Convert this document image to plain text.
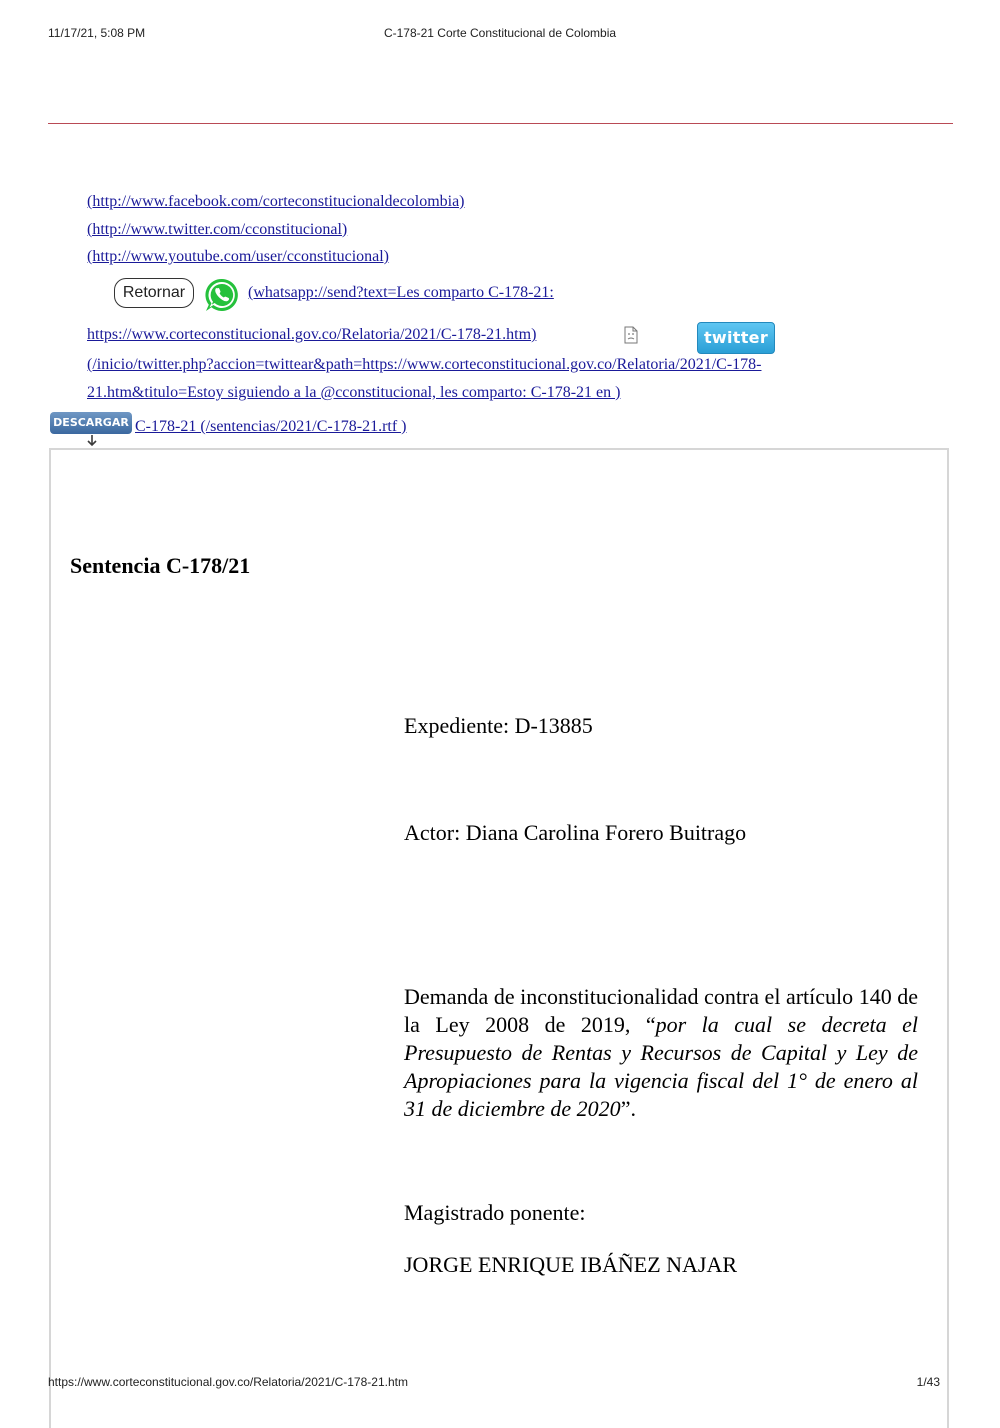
11/17/21, 5:08 PM	C-178-21 Corte Constitucional de Colombia
(http://www.facebook.com/corteconstitucionaldecolombia)
(http://www.twitter.com/cconstitucional)
(http://www.youtube.com/user/cconstitucional)
Retornar	(whatsapp://send?text=Les comparto C-178-21:
https://www.corteconstitucional.gov.co/Relatoria/2021/C-178-21.htm)	twitter
(/inicio/twitter.php?accion=twittear&path=https://www.corteconstitucional.gov.co/Relatoria/2021/C-178-
21.htm&titulo=Estoy siguiendo a la @cconstitucional, les comparto: C-178-21 en )
DESCARGAR C-178-21 (/sentencias/2021/C-178-21.rtf )
Sentencia C-178/21
Expediente: D-13885
Actor: Diana Carolina Forero Buitrago
Demanda de inconstitucionalidad contra el artículo 140 de la Ley 2008 de 2019, “por la cual se decreta el Presupuesto de Rentas y Recursos de Capital y Ley de Apropiaciones para la vigencia fiscal del 1° de enero al 31 de diciembre de 2020”.
Magistrado ponente:
JORGE ENRIQUE IBÁÑEZ NAJAR
https://www.corteconstitucional.gov.co/Relatoria/2021/C-178-21.htm	1/43
